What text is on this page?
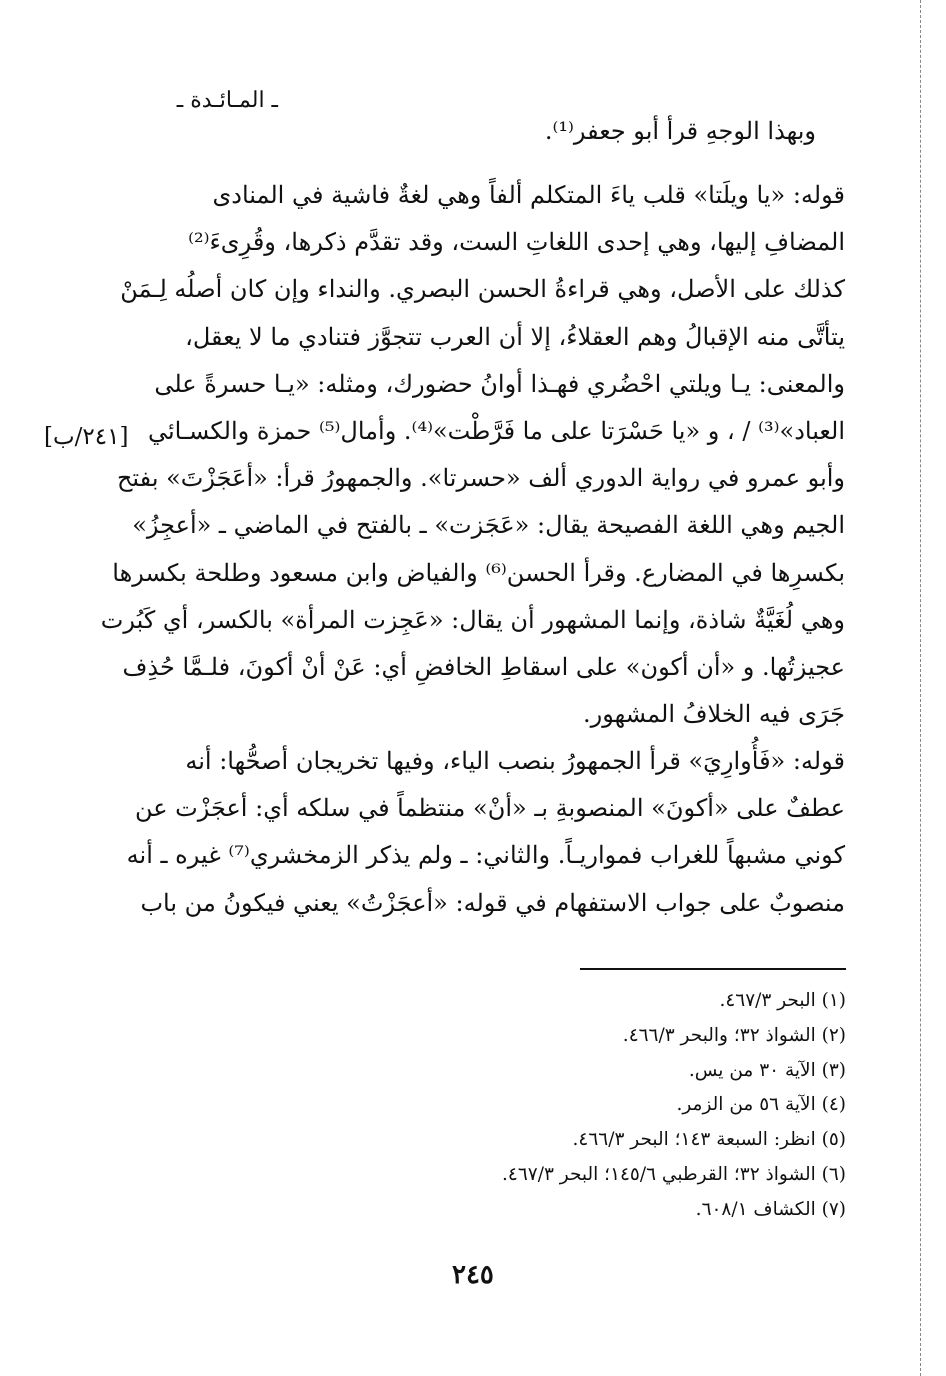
ـ المـائـدة ـ
وبهذا الوجهِ قرأ أبو جعفر⁽¹⁾.
[٢٤١/ب]
قوله: «يا ويلَتا» قلب ياءَ المتكلم ألفاً وهي لغةٌ فاشية في المنادى
المضافِ إليها، وهي إحدى اللغاتِ الست، وقد تقدَّم ذكرها، وقُرِىءَ⁽²⁾
كذلك على الأصل، وهي قراءةُ الحسن البصري. والنداء وإن كان أصلُه لِـمَنْ
يتأتَّى منه الإقبالُ وهم العقلاءُ، إلا أن العرب تتجوَّز فتنادي ما لا يعقل،
والمعنى: يـا ويلتي احْضُري فهـذا أوانُ حضورك، ومثله: «يـا حسرةً على
العباد»⁽³⁾ / ، و «يا حَسْرَتا على ما فَرَّطْت»⁽⁴⁾. وأمال⁽⁵⁾ حمزة والكسـائي
وأبو عمرو في رواية الدوري ألف «حسرتا». والجمهورُ قرأ: «أعَجَزْتَ» بفتح
الجيم وهي اللغة الفصيحة يقال: «عَجَزت» ـ بالفتح في الماضي ـ «أعجِزُ»
بكسرِها في المضارع. وقرأ الحسن⁽⁶⁾ والفياض وابن مسعود وطلحة بكسرها
وهي لُغَيَّةٌ شاذة، وإنما المشهور أن يقال: «عَجِزت المرأة» بالكسر، أي كَبُرت
عجيزتُها. و «أن أكون» على اسقاطِ الخافضِ أي: عَنْ أنْ أكونَ، فلـمَّا حُذِف
جَرَى فيه الخلافُ المشهور.
قوله: «فَأُوارِيَ» قرأ الجمهورُ بنصب الياء، وفيها تخريجان أصحُّها: أنه
عطفٌ على «أكونَ» المنصوبةِ بـ «أنْ» منتظماً في سلكه أي: أعجَزْت عن
كوني مشبهاً للغراب فمواريـاً. والثاني: ـ ولم يذكر الزمخشري⁽⁷⁾ غيره ـ أنه
منصوبٌ على جواب الاستفهام في قوله: «أعجَزْتُ» يعني فيكونُ من باب
(١) البحر ٤٦٧/٣.
(٢) الشواذ ٣٢؛ والبحر ٤٦٦/٣.
(٣) الآية ٣٠ من يس.
(٤) الآية ٥٦ من الزمر.
(٥) انظر: السبعة ١٤٣؛ البحر ٤٦٦/٣.
(٦) الشواذ ٣٢؛ القرطبي ١٤٥/٦؛ البحر ٤٦٧/٣.
(٧) الكشاف ٦٠٨/١.
٢٤٥
